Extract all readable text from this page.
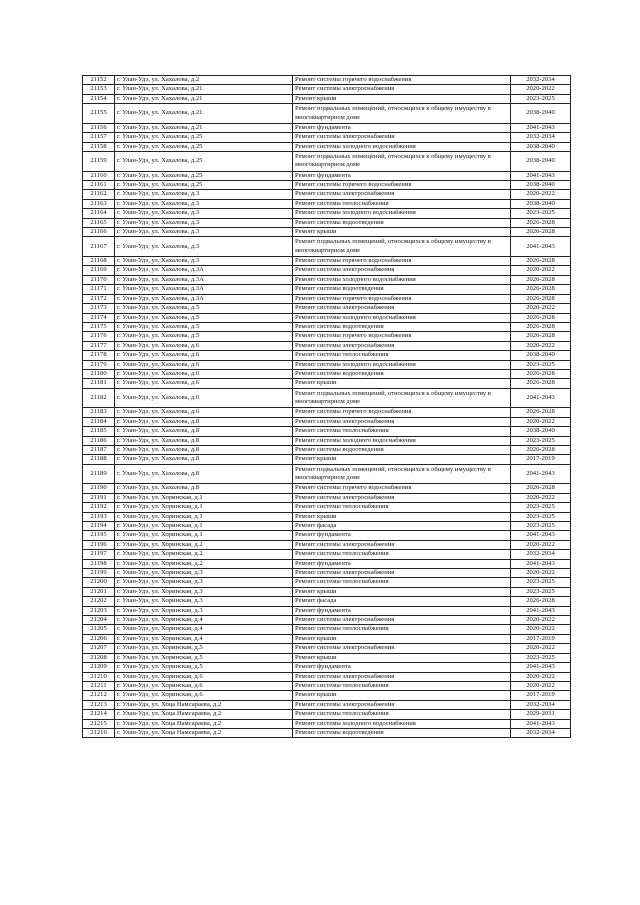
21152	г. Улан-Удэ, ул. Хахалова, д.2	Ремонт системы горячего водоснабжения	2032-2034
21153	г. Улан-Удэ, ул. Хахалова, д.21	Ремонт системы электроснабжения	2020-2022
21154	г. Улан-Удэ, ул. Хахалова, д.21	Ремонт крыши	2023-2025
21155	г. Улан-Удэ, ул. Хахалова, д.21	Ремонт подвальных помещений, относящихся к общему имуществу в многоквартирном доме	2038-2040
21156	г. Улан-Удэ, ул. Хахалова, д.21	Ремонт фундамента	2041-2043
21157	г. Улан-Удэ, ул. Хахалова, д.25	Ремонт системы электроснабжения	2032-2034
21158	г. Улан-Удэ, ул. Хахалова, д.25	Ремонт системы холодного водоснабжения	2038-2040
21159	г. Улан-Удэ, ул. Хахалова, д.25	Ремонт подвальных помещений, относящихся к общему имуществу в многоквартирном доме	2038-2040
21160	г. Улан-Удэ, ул. Хахалова, д.25	Ремонт фундамента	2041-2043
21161	г. Улан-Удэ, ул. Хахалова, д.25	Ремонт системы горячего водоснабжения	2038-2040
21162	г. Улан-Удэ, ул. Хахалова, д.3	Ремонт системы электроснабжения	2020-2022
21163	г. Улан-Удэ, ул. Хахалова, д.3	Ремонт системы теплоснабжения	2038-2040
21164	г. Улан-Удэ, ул. Хахалова, д.3	Ремонт системы холодного водоснабжения	2023-2025
21165	г. Улан-Удэ, ул. Хахалова, д.3	Ремонт системы водоотведения	2026-2028
21166	г. Улан-Удэ, ул. Хахалова, д.3	Ремонт крыши	2026-2028
21167	г. Улан-Удэ, ул. Хахалова, д.3	Ремонт подвальных помещений, относящихся к общему имуществу в многоквартирном доме	2041-2043
21168	г. Улан-Удэ, ул. Хахалова, д.3	Ремонт системы горячего водоснабжения	2026-2028
21169	г. Улан-Удэ, ул. Хахалова, д.3А	Ремонт системы электроснабжения	2020-2022
21170	г. Улан-Удэ, ул. Хахалова, д.3А	Ремонт системы холодного водоснабжения	2026-2028
21171	г. Улан-Удэ, ул. Хахалова, д.3А	Ремонт системы водоотведения	2026-2028
21172	г. Улан-Удэ, ул. Хахалова, д.3А	Ремонт системы горячего водоснабжения	2026-2028
21173	г. Улан-Удэ, ул. Хахалова, д.5	Ремонт системы электроснабжения	2020-2022
21174	г. Улан-Удэ, ул. Хахалова, д.5	Ремонт системы холодного водоснабжения	2026-2028
21175	г. Улан-Удэ, ул. Хахалова, д.5	Ремонт системы водоотведения	2026-2028
21176	г. Улан-Удэ, ул. Хахалова, д.5	Ремонт системы горячего водоснабжения	2026-2028
21177	г. Улан-Удэ, ул. Хахалова, д.6	Ремонт системы электроснабжения	2020-2022
21178	г. Улан-Удэ, ул. Хахалова, д.6	Ремонт системы теплоснабжения	2038-2040
21179	г. Улан-Удэ, ул. Хахалова, д.6	Ремонт системы холодного водоснабжения	2023-2025
21180	г. Улан-Удэ, ул. Хахалова, д.6	Ремонт системы водоотведения	2026-2028
21181	г. Улан-Удэ, ул. Хахалова, д.6	Ремонт крыши	2026-2028
21182	г. Улан-Удэ, ул. Хахалова, д.6	Ремонт подвальных помещений, относящихся к общему имуществу в многоквартирном доме	2041-2043
21183	г. Улан-Удэ, ул. Хахалова, д.6	Ремонт системы горячего водоснабжения	2026-2028
21184	г. Улан-Удэ, ул. Хахалова, д.8	Ремонт системы электроснабжения	2020-2022
21185	г. Улан-Удэ, ул. Хахалова, д.8	Ремонт системы теплоснабжения	2038-2040
21186	г. Улан-Удэ, ул. Хахалова, д.8	Ремонт системы холодного водоснабжения	2023-2025
21187	г. Улан-Удэ, ул. Хахалова, д.8	Ремонт системы водоотведения	2026-2028
21188	г. Улан-Удэ, ул. Хахалова, д.8	Ремонт крыши	2017-2019
21189	г. Улан-Удэ, ул. Хахалова, д.8	Ремонт подвальных помещений, относящихся к общему имуществу в многоквартирном доме	2041-2043
21190	г. Улан-Удэ, ул. Хахалова, д.8	Ремонт системы горячего водоснабжения	2026-2028
21191	г. Улан-Удэ, ул. Хоринская, д.1	Ремонт системы электроснабжения	2020-2022
21192	г. Улан-Удэ, ул. Хоринская, д.1	Ремонт системы теплоснабжения	2023-2025
21193	г. Улан-Удэ, ул. Хоринская, д.1	Ремонт крыши	2023-2025
21194	г. Улан-Удэ, ул. Хоринская, д.1	Ремонт фасада	2023-2025
21195	г. Улан-Удэ, ул. Хоринская, д.1	Ремонт фундамента	2041-2043
21196	г. Улан-Удэ, ул. Хоринская, д.2	Ремонт системы электроснабжения	2020-2022
21197	г. Улан-Удэ, ул. Хоринская, д.2	Ремонт системы теплоснабжения	2032-2034
21198	г. Улан-Удэ, ул. Хоринская, д.2	Ремонт фундамента	2041-2043
21199	г. Улан-Удэ, ул. Хоринская, д.3	Ремонт системы электроснабжения	2020-2022
21200	г. Улан-Удэ, ул. Хоринская, д.3	Ремонт системы теплоснабжения	2023-2025
21201	г. Улан-Удэ, ул. Хоринская, д.3	Ремонт крыши	2023-2025
21202	г. Улан-Удэ, ул. Хоринская, д.3	Ремонт фасада	2026-2028
21203	г. Улан-Удэ, ул. Хоринская, д.3	Ремонт фундамента	2041-2043
21204	г. Улан-Удэ, ул. Хоринская, д.4	Ремонт системы электроснабжения	2020-2022
21205	г. Улан-Удэ, ул. Хоринская, д.4	Ремонт системы теплоснабжения	2020-2022
21206	г. Улан-Удэ, ул. Хоринская, д.4	Ремонт крыши	2017-2019
21207	г. Улан-Удэ, ул. Хоринская, д.5	Ремонт системы электроснабжения	2020-2022
21208	г. Улан-Удэ, ул. Хоринская, д.5	Ремонт крыши	2023-2025
21209	г. Улан-Удэ, ул. Хоринская, д.5	Ремонт фундамента	2041-2043
21210	г. Улан-Удэ, ул. Хоринская, д.6	Ремонт системы электроснабжения	2020-2022
21211	г. Улан-Удэ, ул. Хоринская, д.6	Ремонт системы теплоснабжения	2020-2022
21212	г. Улан-Удэ, ул. Хоринская, д.6	Ремонт крыши	2017-2019
21213	г. Улан-Удэ, ул. Хоца Намсараева, д.2	Ремонт системы электроснабжения	2032-2034
21214	г. Улан-Удэ, ул. Хоца Намсараева, д.2	Ремонт системы теплоснабжения	2029-2031
21215	г. Улан-Удэ, ул. Хоца Намсараева, д.2	Ремонт системы холодного водоснабжения	2041-2043
21216	г. Улан-Удэ, ул. Хоца Намсараева, д.2	Ремонт системы водоотведения	2032-2034
